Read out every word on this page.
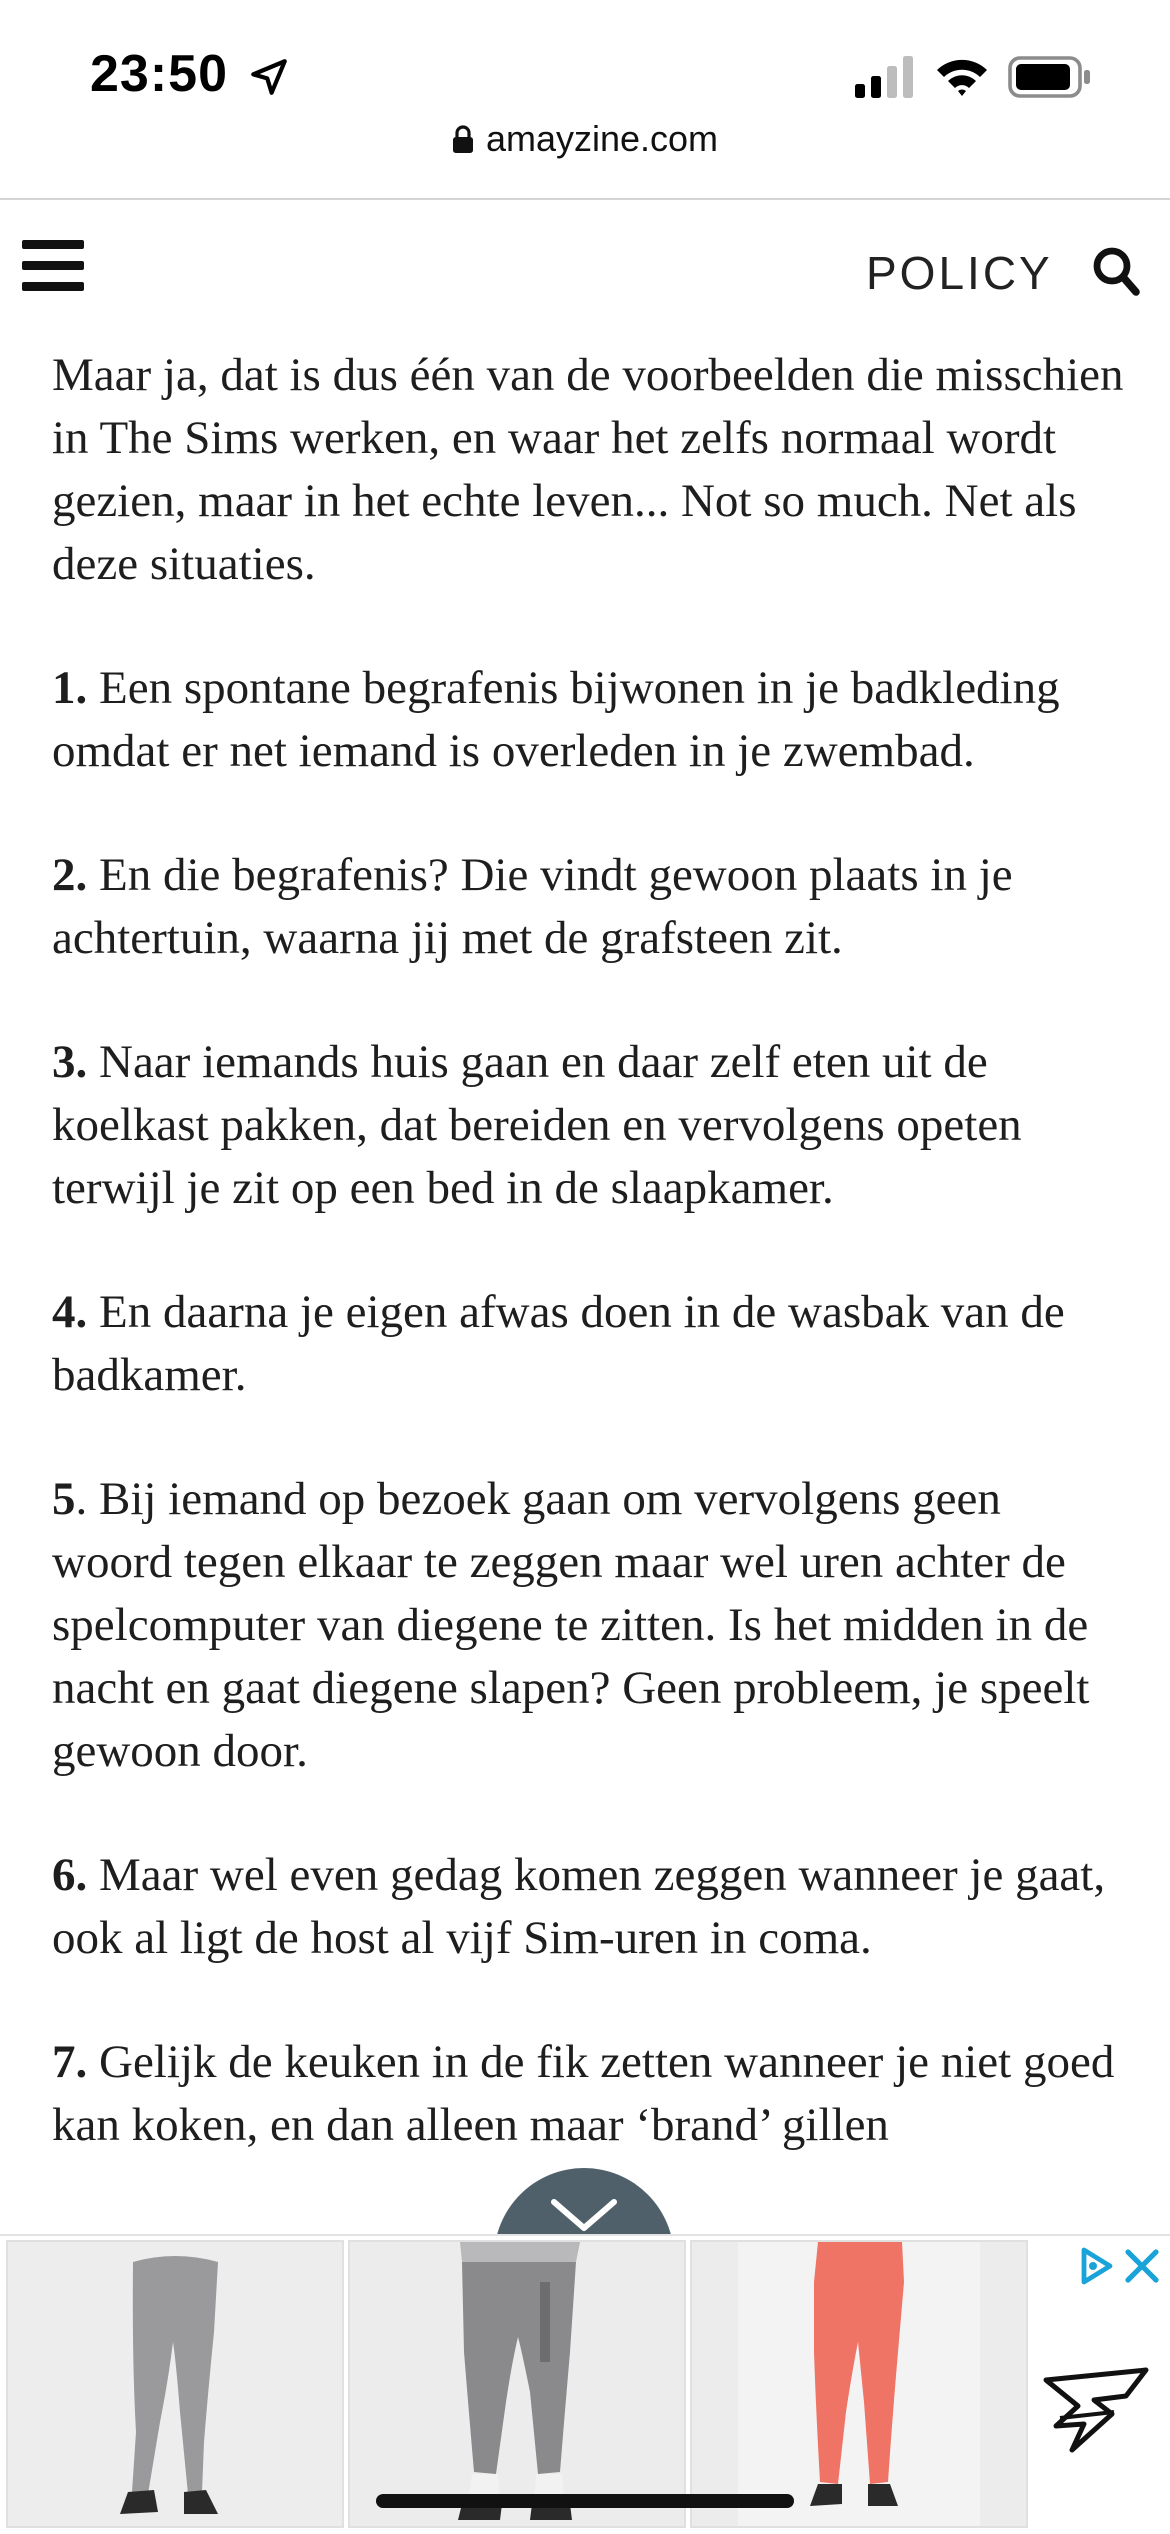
23:50
amayzine.com
POLICY

Maar ja, dat is dus één van de voorbeelden die misschien in The Sims werken, en waar het zelfs normaal wordt gezien, maar in het echte leven... Not so much. Net als deze situaties.

1. Een spontane begrafenis bijwonen in je badkleding omdat er net iemand is overleden in je zwembad.

2. En die begrafenis? Die vindt gewoon plaats in je achtertuin, waarna jij met de grafsteen zit.

3. Naar iemands huis gaan en daar zelf eten uit de koelkast pakken, dat bereiden en vervolgens opeten terwijl je zit op een bed in de slaapkamer.

4. En daarna je eigen afwas doen in de wasbak van de badkamer.

5. Bij iemand op bezoek gaan om vervolgens geen woord tegen elkaar te zeggen maar wel uren achter de spelcomputer van diegene te zitten. Is het midden in de nacht en gaat diegene slapen? Geen probleem, je speelt gewoon door.

6. Maar wel even gedag komen zeggen wanneer je gaat, ook al ligt de host al vijf Sim-uren in coma.

7. Gelijk de keuken in de fik zetten wanneer je niet goed kan koken, en dan alleen maar ‘brand’ gillen
